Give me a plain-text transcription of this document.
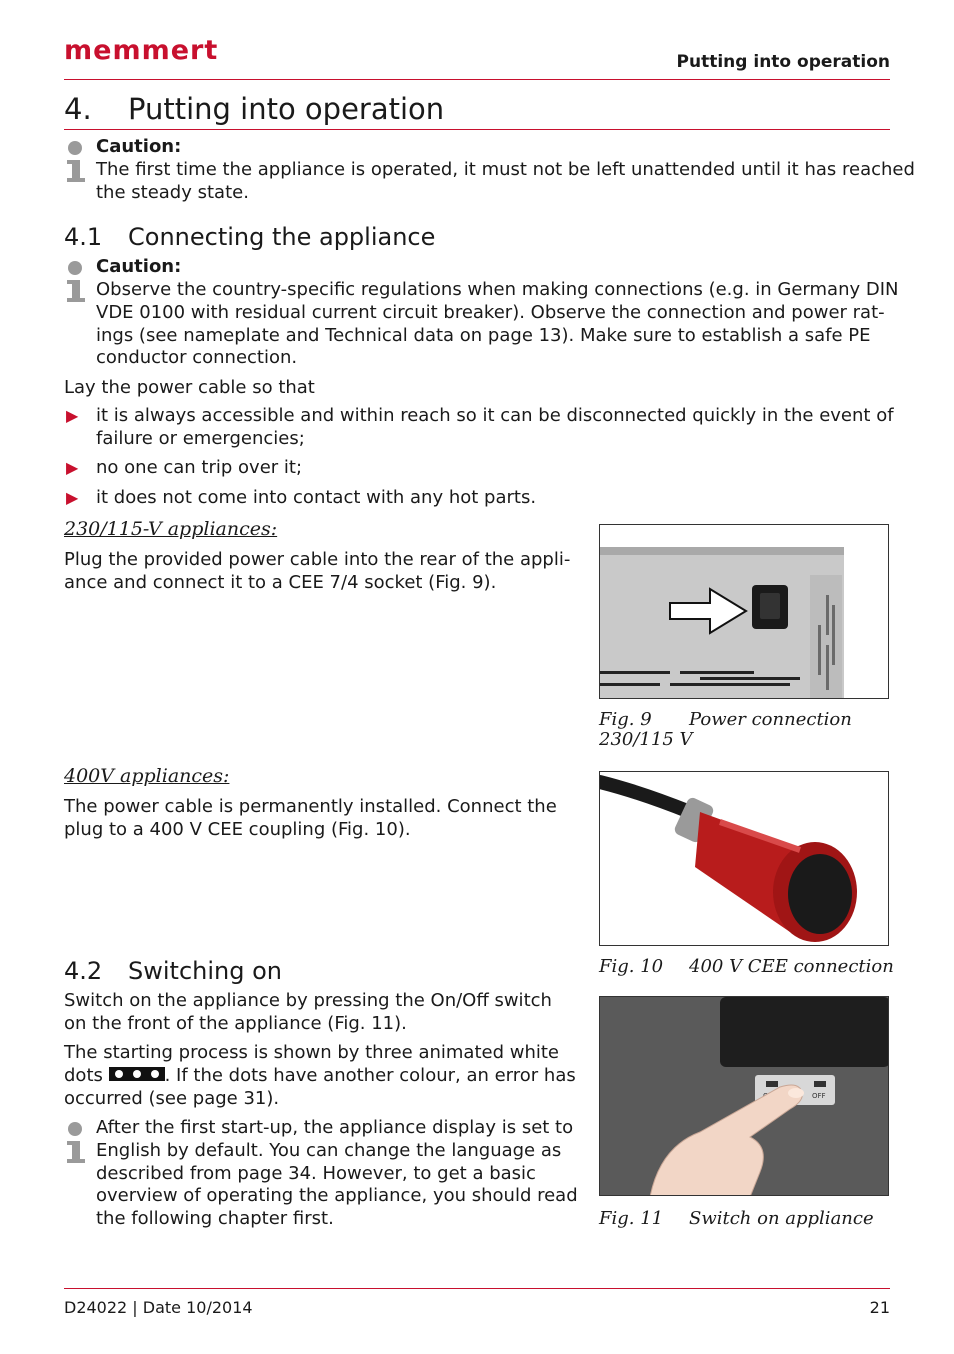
memmert	Putting into operation
4. Putting into operation
Caution:
The first time the appliance is operated, it must not be left unattended until it has reached
the steady state.
4.1 Connecting the appliance
Caution:
Observe the country-specific regulations when making connections (e.g. in Germany DIN
VDE 0100 with residual current circuit breaker). Observe the connection and power rat-
ings (see nameplate and Technical data on page 13). Make sure to establish a safe PE
conductor connection.
Lay the power cable so that
▶ it is always accessible and within reach so it can be disconnected quickly in the event of
failure or emergencies;
▶ no one can trip over it;
▶ it does not come into contact with any hot parts.
230/115-V appliances:
Plug the provided power cable into the rear of the appli-
ance and connect it to a CEE 7/4 socket (Fig. 9).
Fig. 9 Power connection
230/115 V
400V appliances:
The power cable is permanently installed. Connect the
plug to a 400 V CEE coupling (Fig. 10).
Fig. 10 400 V CEE connection
4.2 Switching on
Switch on the appliance by pressing the On/Off switch
on the front of the appliance (Fig. 11).
The starting process is shown by three animated white
dots	. If the dots have another colour, an error has
occurred (see page 31).
After the first start-up, the appliance display is set to
English by default. You can change the language as
described from page 34. However, to get a basic
overview of operating the appliance, you should read
the following chapter first.
OFF
Fig. 11 Switch on appliance
D24022 | Date 10/2014	21
